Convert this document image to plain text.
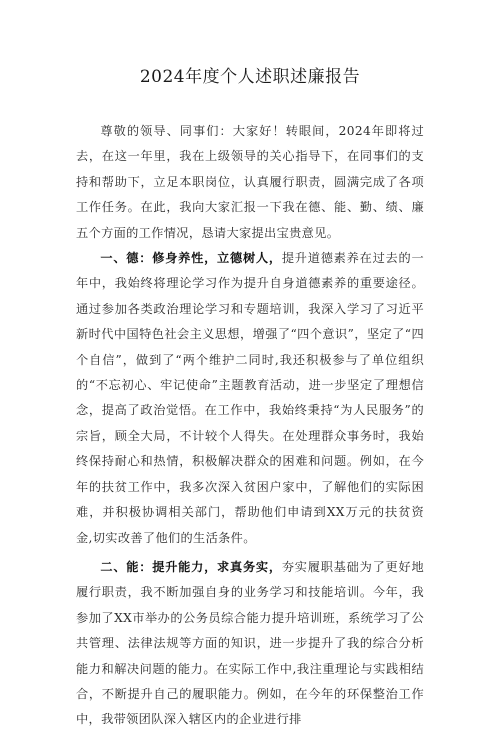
2024年度个人述职述廉报告

尊敬的领导、同事们：大家好！转眼间，2024年即将过去，在这一年里，我在上级领导的关心指导下，在同事们的支持和帮助下，立足本职岗位，认真履行职责，圆满完成了各项工作任务。在此，我向大家汇报一下我在德、能、勤、绩、廉五个方面的工作情况，恳请大家提出宝贵意见。

一、德：修身养性，立德树人，提升道德素养在过去的一年中，我始终将理论学习作为提升自身道德素养的重要途径。通过参加各类政治理论学习和专题培训，我深入学习了习近平新时代中国特色社会主义思想，增强了“四个意识”，坚定了“四个自信”，做到了“两个维护二同时,我还积极参与了单位组织的“不忘初心、牢记使命”主题教育活动，进一步坚定了理想信念，提高了政治觉悟。在工作中，我始终秉持“为人民服务”的宗旨，顾全大局，不计较个人得失。在处理群众事务时，我始终保持耐心和热情，积极解决群众的困难和问题。例如，在今年的扶贫工作中，我多次深入贫困户家中，了解他们的实际困难，并积极协调相关部门，帮助他们申请到XX万元的扶贫资金,切实改善了他们的生活条件。

二、能：提升能力，求真务实，夯实履职基础为了更好地履行职责，我不断加强自身的业务学习和技能培训。今年，我参加了XX市举办的公务员综合能力提升培训班，系统学习了公共管理、法律法规等方面的知识，进一步提升了我的综合分析能力和解决问题的能力。在实际工作中,我注重理论与实践相结合，不断提升自己的履职能力。例如，在今年的环保整治工作中，我带领团队深入辖区内的企业进行排
